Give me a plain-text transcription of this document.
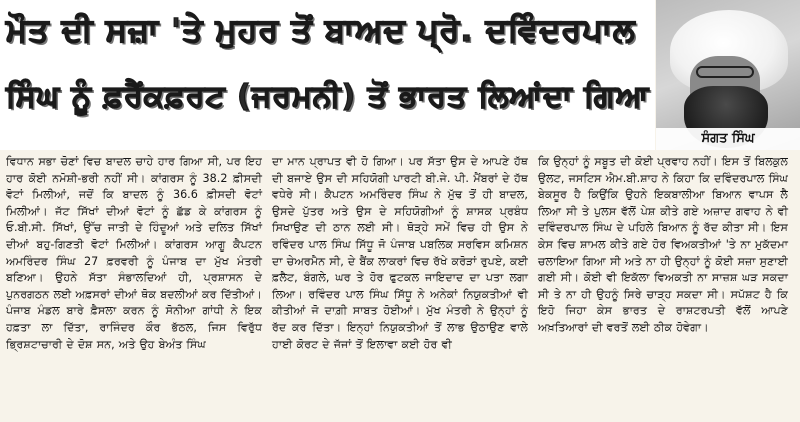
ਮੌਤ ਦੀ ਸਜ਼ਾ 'ਤੇ ਮੁਹਰ ਤੋਂ ਬਾਅਦ ਪ੍ਰੋ. ਦਵਿੰਦਰਪਾਲ
ਸਿੰਘ ਨੂੰ ਫ਼ਰੈਂਕਫ਼ਰਟ (ਜਰਮਨੀ) ਤੋਂ ਭਾਰਤ ਲਿਆਂਦਾ ਗਿਆ
ਸੰਗਤ ਸਿੰਘ

ਵਿਧਾਨ ਸਭਾ ਚੋਣਾਂ ਵਿਚ ਬਾਦਲ ਚਾਹੇ ਹਾਰ ਗਿਆ ਸੀ, ਪਰ ਇਹ ਹਾਰ ਕੋਈ ਨਮੋਸ਼ੀ-ਭਰੀ ਨਹੀਂ ਸੀ। ਕਾਂਗਰਸ ਨੂੰ 38.2 ਫ਼ੀਸਦੀ ਵੋਟਾਂ ਮਿਲੀਆਂ, ਜਦੋਂ ਕਿ ਬਾਦਲ ਨੂੰ 36.6 ਫ਼ੀਸਦੀ ਵੋਟਾਂ ਮਿਲੀਆਂ। ਜੱਟ ਸਿੱਖਾਂ ਦੀਆਂ ਵੋਟਾਂ ਨੂੰ ਛੱਡ ਕੇ ਕਾਂਗਰਸ ਨੂੰ ਓ.ਬੀ.ਸੀ. ਸਿੱਖਾਂ, ਉੱਚ ਜਾਤੀ ਦੇ ਹਿੰਦੂਆਂ ਅਤੇ ਦਲਿਤ ਸਿੱਖਾਂ ਦੀਆਂ ਬਹੁ-ਗਿਣਤੀ ਵੋਟਾਂ ਮਿਲੀਆਂ। ਕਾਂਗਰਸ ਆਗੂ ਕੈਪਟਨ ਅਮਰਿੰਦਰ ਸਿੰਘ 27 ਫ਼ਰਵਰੀ ਨੂੰ ਪੰਜਾਬ ਦਾ ਮੁੱਖ ਮੰਤਰੀ ਬਣਿਆ। ਉਹਨੇ ਸੱਤਾ ਸੰਭਾਲਦਿਆਂ ਹੀ, ਪ੍ਰਸ਼ਾਸਨ ਦੇ ਪੁਨਰਗਠਨ ਲਈ ਅਫ਼ਸਰਾਂ ਦੀਆਂ ਥੋਕ ਬਦਲੀਆਂ ਕਰ ਦਿੱਤੀਆਂ। ਪੰਜਾਬ ਮੰਡਲ ਬਾਰੇ ਫ਼ੈਸਲਾ ਕਰਨ ਨੂੰ ਸੋਨੀਆ ਗਾਂਧੀ ਨੇ ਇਕ ਹਫ਼ਤਾ ਲਾ ਦਿੱਤਾ, ਰਾਜਿੰਦਰ ਕੌਰ ਭੱਠਲ, ਜਿਸ ਵਿਰੁੱਧ ਭ੍ਰਿਸ਼ਟਾਚਾਰੀ ਦੇ ਦੋਸ਼ ਸਨ, ਅਤੇ ਉਹ ਬੇਅੰਤ ਸਿੰਘ

ਦਾ ਮਾਨ ਪ੍ਰਾਪਤ ਵੀ ਹੋ ਗਿਆ। ਪਰ ਸੱਤਾ ਉਸ ਦੇ ਆਪਣੇ ਹੱਥ ਦੀ ਬਜਾਏ ਉਸ ਦੀ ਸਹਿਯੋਗੀ ਪਾਰਟੀ ਬੀ.ਜੇ. ਪੀ. ਮੈਂਬਰਾਂ ਦੇ ਹੱਥ ਵਧੇਰੇ ਸੀ। ਕੈਪਟਨ ਅਮਰਿੰਦਰ ਸਿੰਘ ਨੇ ਮੁੱਢ ਤੋਂ ਹੀ ਬਾਦਲ, ਉਸਦੇ ਪੁੱਤਰ ਅਤੇ ਉਸ ਦੇ ਸਹਿਯੋਗੀਆਂ ਨੂੰ ਸ਼ਾਸਕ ਪ੍ਰਬੰਧ ਸਿਖਾਉਣ ਦੀ ਠਾਨ ਲਈ ਸੀ। ਥੋੜ੍ਹੇ ਸਮੇਂ ਵਿਚ ਹੀ ਉਸ ਨੇ ਰਵਿੰਦਰ ਪਾਲ ਸਿੰਘ ਸਿੱਧੂ ਜੋ ਪੰਜਾਬ ਪਬਲਿਕ ਸਰਵਿਸ ਕਮਿਸ਼ਨ ਦਾ ਚੇਅਰਮੈਨ ਸੀ, ਦੇ ਬੈਂਕ ਲਾਕਰਾਂ ਵਿਚ ਰੱਖੇ ਕਰੋੜਾਂ ਰੁਪਏ, ਕਈ ਫ਼ਲੈਟ, ਬੰਗਲੇ, ਘਰ ਤੇ ਹੋਰ ਫੁਟਕਲ ਜਾਇਦਾਦ ਦਾ ਪਤਾ ਲਗਾ ਲਿਆ। ਰਵਿੰਦਰ ਪਾਲ ਸਿੰਘ ਸਿੱਧੂ ਨੇ ਅਨੇਕਾਂ ਨਿਯੁਕਤੀਆਂ ਵੀ ਕੀਤੀਆਂ ਜੋ ਦਾਗ਼ੀ ਸਾਬਤ ਹੋਈਆਂ। ਮੁੱਖ ਮੰਤਰੀ ਨੇ ਉਨ੍ਹਾਂ ਨੂੰ ਰੱਦ ਕਰ ਦਿੱਤਾ। ਇਨ੍ਹਾਂ ਨਿਯੁਕਤੀਆਂ ਤੋਂ ਲਾਭ ਉਠਾਉਣ ਵਾਲੇ ਹਾਈ ਕੋਰਟ ਦੇ ਜੱਜਾਂ ਤੋਂ ਇਲਾਵਾ ਕਈ ਹੋਰ ਵੀ

ਕਿ ਉਨ੍ਹਾਂ ਨੂੰ ਸਬੂਤ ਦੀ ਕੋਈ ਪ੍ਰਵਾਹ ਨਹੀਂ। ਇਸ ਤੋਂ ਬਿਲਕੁਲ ਉਲਟ, ਜਸਟਿਸ ਐਮ.ਬੀ.ਸ਼ਾਹ ਨੇ ਕਿਹਾ ਕਿ ਦਵਿੰਦਰਪਾਲ ਸਿੰਘ ਬੇਕਸੂਰ ਹੈ ਕਿਉਂਕਿ ਉਹਨੇ ਇਕਬਾਲੀਆ ਬਿਆਨ ਵਾਪਸ ਲੈ ਲਿਆ ਸੀ ਤੇ ਪੁਲਸ ਵੱਲੋਂ ਪੇਸ਼ ਕੀਤੇ ਗਏ ਅਜ਼ਾਦ ਗਵਾਹ ਨੇ ਵੀ ਦਵਿੰਦਰਪਾਲ ਸਿੰਘ ਦੇ ਪਹਿਲੇ ਬਿਆਨ ਨੂੰ ਰੱਦ ਕੀਤਾ ਸੀ। ਇਸ ਕੇਸ ਵਿਚ ਸ਼ਾਮਲ ਕੀਤੇ ਗਏ ਹੋਰ ਵਿਅਕਤੀਆਂ 'ਤੇ ਨਾ ਮੁਕੱਦਮਾ ਚਲਾਇਆ ਗਿਆ ਸੀ ਅਤੇ ਨਾ ਹੀ ਉਨ੍ਹਾਂ ਨੂੰ ਕੋਈ ਸਜ਼ਾ ਸੁਣਾਈ ਗਈ ਸੀ। ਕੋਈ ਵੀ ਇਕੱਲਾ ਵਿਅਕਤੀ ਨਾ ਸਾਜ਼ਸ਼ ਘੜ ਸਕਦਾ ਸੀ ਤੇ ਨਾ ਹੀ ਉਹਨੂੰ ਸਿਰੇ ਚਾੜ੍ਹ ਸਕਦਾ ਸੀ। ਸਪੱਸ਼ਟ ਹੈ ਕਿ ਇਹੋ ਜਿਹਾ ਕੇਸ ਭਾਰਤ ਦੇ ਰਾਸ਼ਟਰਪਤੀ ਵੱਲੋਂ ਆਪਣੇ ਅਖ਼ਤਿਆਰਾਂ ਦੀ ਵਰਤੋਂ ਲਈ ਠੀਕ ਹੋਵੇਗਾ।
